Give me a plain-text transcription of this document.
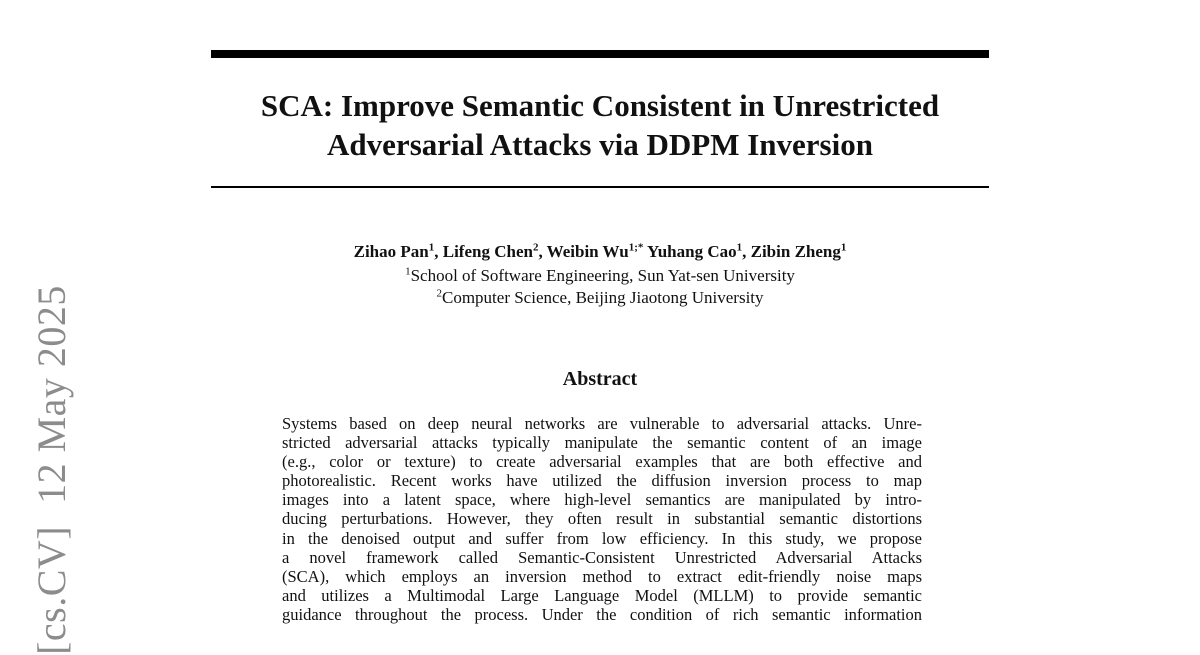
SCA: Improve Semantic Consistent in Unrestricted
Adversarial Attacks via DDPM Inversion
Zihao Pan$^1$, Lifeng Chen$^2$, Weibin $Wu^{1;*}$ Yuhang Cao$^1$, Zibin Zheng$^1$
$^1$School of Software Engineering, Sun Yat-sen University
$^2$Computer Science, Beijing Jiaotong University
Abstract
Systems based on deep neural networks are vulnerable to adversarial attacks. Unre-
stricted adversarial attacks typically manipulate the semantic content of an image
(e.g., color or texture) to create adversarial examples that are both effective and
photorealistic. Recent works have utilized the diffusion inversion process to map
images into a latent space, where high-level semantics are manipulated by intro-
ducing perturbations. However, they often result in substantial semantic distortions
in the denoised output and suffer from low efficiency. In this study, we propose
a novel framework called Semantic-Consistent Unrestricted Adversarial Attacks
(SCA), which employs an inversion method to extract edit-friendly noise maps
and utilizes a Multimodal Large Language Model (MLLM) to provide semantic
guidance throughout the process. Under the condition of rich semantic information
[cs.CV]12 May 2025
